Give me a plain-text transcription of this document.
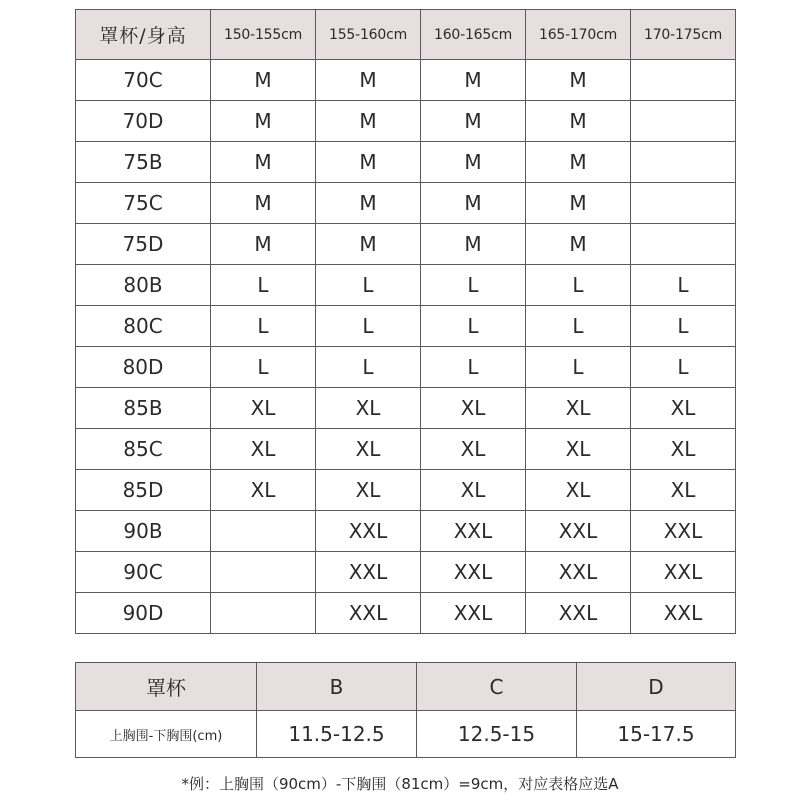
罩杯/身高	150-155cm	155-160cm	160-165cm	165-170cm	170-175cm
70C	M	M	M	M	
70D	M	M	M	M	
75B	M	M	M	M	
75C	M	M	M	M	
75D	M	M	M	M	
80B	L	L	L	L	L
80C	L	L	L	L	L
80D	L	L	L	L	L
85B	XL	XL	XL	XL	XL
85C	XL	XL	XL	XL	XL
85D	XL	XL	XL	XL	XL
90B		XXL	XXL	XXL	XXL
90C		XXL	XXL	XXL	XXL
90D		XXL	XXL	XXL	XXL
罩杯	B	C	D
上胸围-下胸围(cm)	11.5-12.5	12.5-15	15-17.5
*例：上胸围（90cm）-下胸围（81cm）=9cm，对应表格应选A
